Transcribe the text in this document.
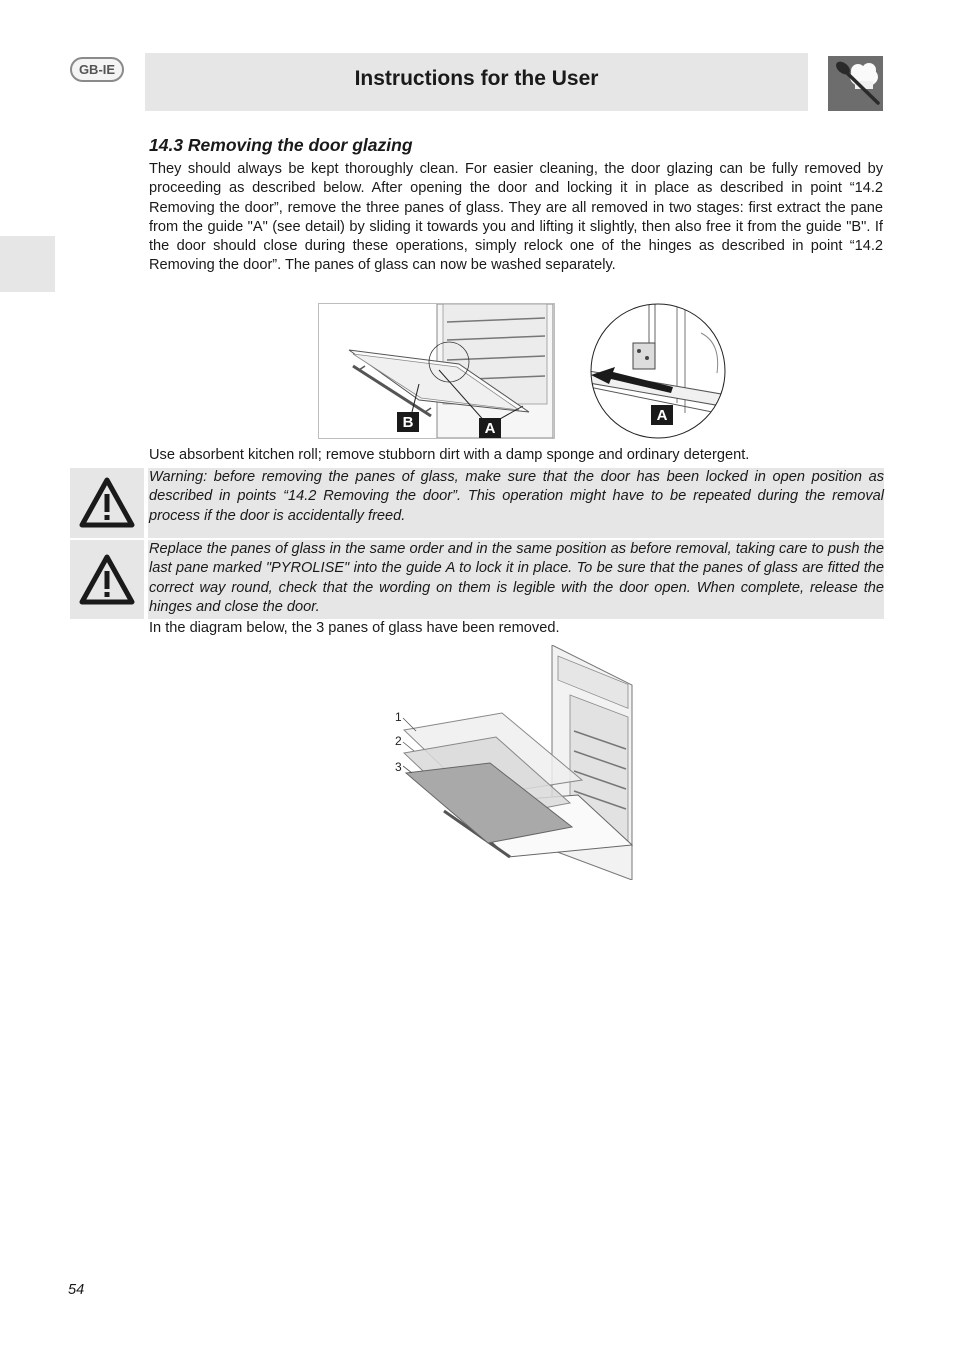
GB-IE	Instructions for the User
14.3 Removing the door glazing
They should always be kept thoroughly clean. For easier cleaning, the door glazing can be fully removed by proceeding as described below. After opening the door and locking it in place as described in point “14.2 Removing the door”, remove the three panes of glass. They are all removed in two stages: first extract the pane from the guide "A" (see detail) by sliding it towards you and lifting it slightly, then also free it from the guide "B". If the door should close during these operations, simply relock one of the hinges as described in point “14.2 Removing the door”. The panes of glass can now be washed separately.
B	A
A
Use absorbent kitchen roll; remove stubborn dirt with a damp sponge and ordinary detergent.
Warning: before removing the panes of glass, make sure that the door has been locked in open position as described in points “14.2 Removing the door”. This operation might have to be repeated during the removal process if the door is accidentally freed.
Replace the panes of glass in the same order and in the same position as before removal, taking care to push the last pane marked "PYROLISE" into the guide A to lock it in place. To be sure that the panes of glass are fitted the correct way round, check that the wording on them is legible with the door open. When complete, release the hinges and close the door.
In the diagram below, the 3 panes of glass have been removed.
1
2
3
54
